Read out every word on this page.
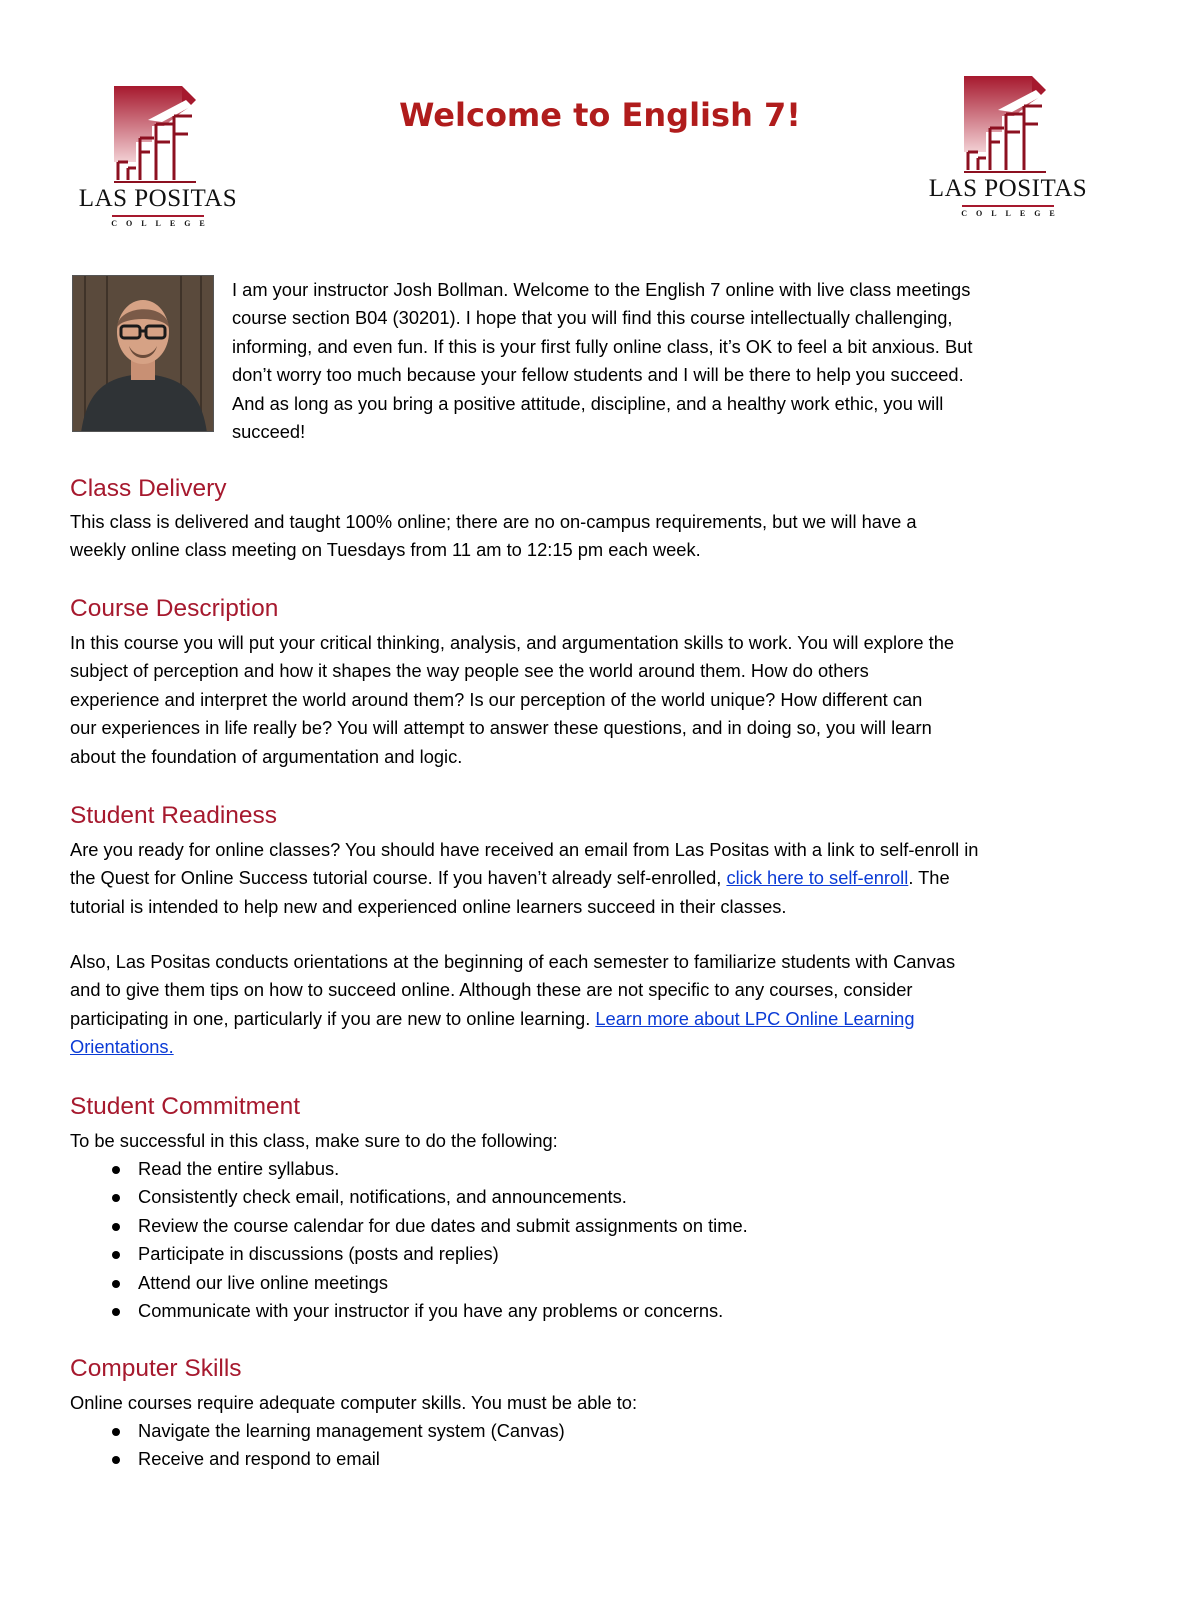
LAS POSITAS
COLLEGE
LAS POSITAS
COLLEGE
Welcome to English 7!

I am your instructor Josh Bollman. Welcome to the English 7 online with live class meetings
course section B04 (30201). I hope that you will find this course intellectually challenging,
informing, and even fun. If this is your first fully online class, it’s OK to feel a bit anxious. But
don’t worry too much because your fellow students and I will be there to help you succeed.
And as long as you bring a positive attitude, discipline, and a healthy work ethic, you will
succeed!

Class Delivery

This class is delivered and taught 100% online; there are no on-campus requirements, but we will have a
weekly online class meeting on Tuesdays from 11 am to 12:15 pm each week.

Course Description

In this course you will put your critical thinking, analysis, and argumentation skills to work. You will explore the
subject of perception and how it shapes the way people see the world around them. How do others
experience and interpret the world around them? Is our perception of the world unique? How different can
our experiences in life really be? You will attempt to answer these questions, and in doing so, you will learn
about the foundation of argumentation and logic.

Student Readiness

Are you ready for online classes? You should have received an email from Las Positas with a link to self-enroll in
the Quest for Online Success tutorial course. If you haven’t already self-enrolled, click here to self-enroll. The
tutorial is intended to help new and experienced online learners succeed in their classes.

Also, Las Positas conducts orientations at the beginning of each semester to familiarize students with Canvas
and to give them tips on how to succeed online. Although these are not specific to any courses, consider
participating in one, particularly if you are new to online learning. Learn more about LPC Online Learning
Orientations.

Student Commitment

To be successful in this class, make sure to do the following:

Read the entire syllabus.
Consistently check email, notifications, and announcements.
Review the course calendar for due dates and submit assignments on time.
Participate in discussions (posts and replies)
Attend our live online meetings
Communicate with your instructor if you have any problems or concerns.
Computer Skills

Online courses require adequate computer skills. You must be able to:

Navigate the learning management system (Canvas)
Receive and respond to email
